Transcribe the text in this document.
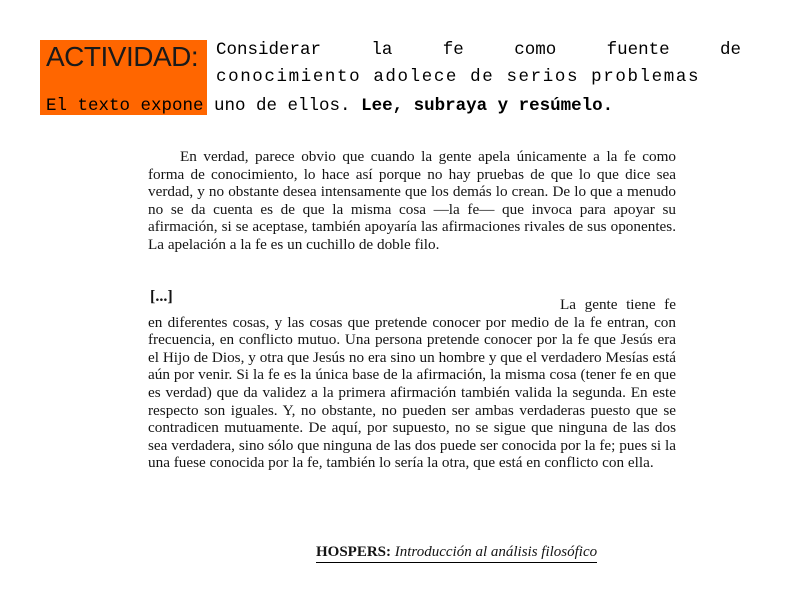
ACTIVIDAD:	Considerar	la	fe	como	fuente	de
conocimiento adolece de serios problemas
El texto expone uno de ellos. Lee, subraya y resúmelo.
En verdad, parece obvio que cuando la gente apela únicamente a la fe como forma de conocimiento, lo hace así porque no hay pruebas de que lo que dice sea verdad, y no obstante desea intensamente que los demás lo crean. De lo que a menudo no se da cuenta es de que la misma cosa —la fe— que invoca para apoyar su afirmación, si se aceptase, también apoyaría las afirmaciones rivales de sus oponentes. La apelación a la fe es un cuchillo de doble filo.
[...]	La gente tiene fe en diferentes cosas, y las cosas que pretende conocer por medio de la fe entran, con frecuencia, en conflicto mutuo. Una persona pretende conocer por la fe que Jesús era el Hijo de Dios, y otra que Jesús no era sino un hombre y que el verdadero Mesías está aún por venir. Si la fe es la única base de la afirmación, la misma cosa (tener fe en que es verdad) que da validez a la primera afirmación también valida la segunda. En este respecto son iguales. Y, no obstante, no pueden ser ambas verdaderas puesto que se contradicen mutuamente. De aquí, por supuesto, no se sigue que ninguna de las dos sea verdadera, sino sólo que ninguna de las dos puede ser conocida por la fe; pues si la una fuese conocida por la fe, también lo sería la otra, que está en conflicto con ella.
HOSPERS: Introducción al análisis filosófico
